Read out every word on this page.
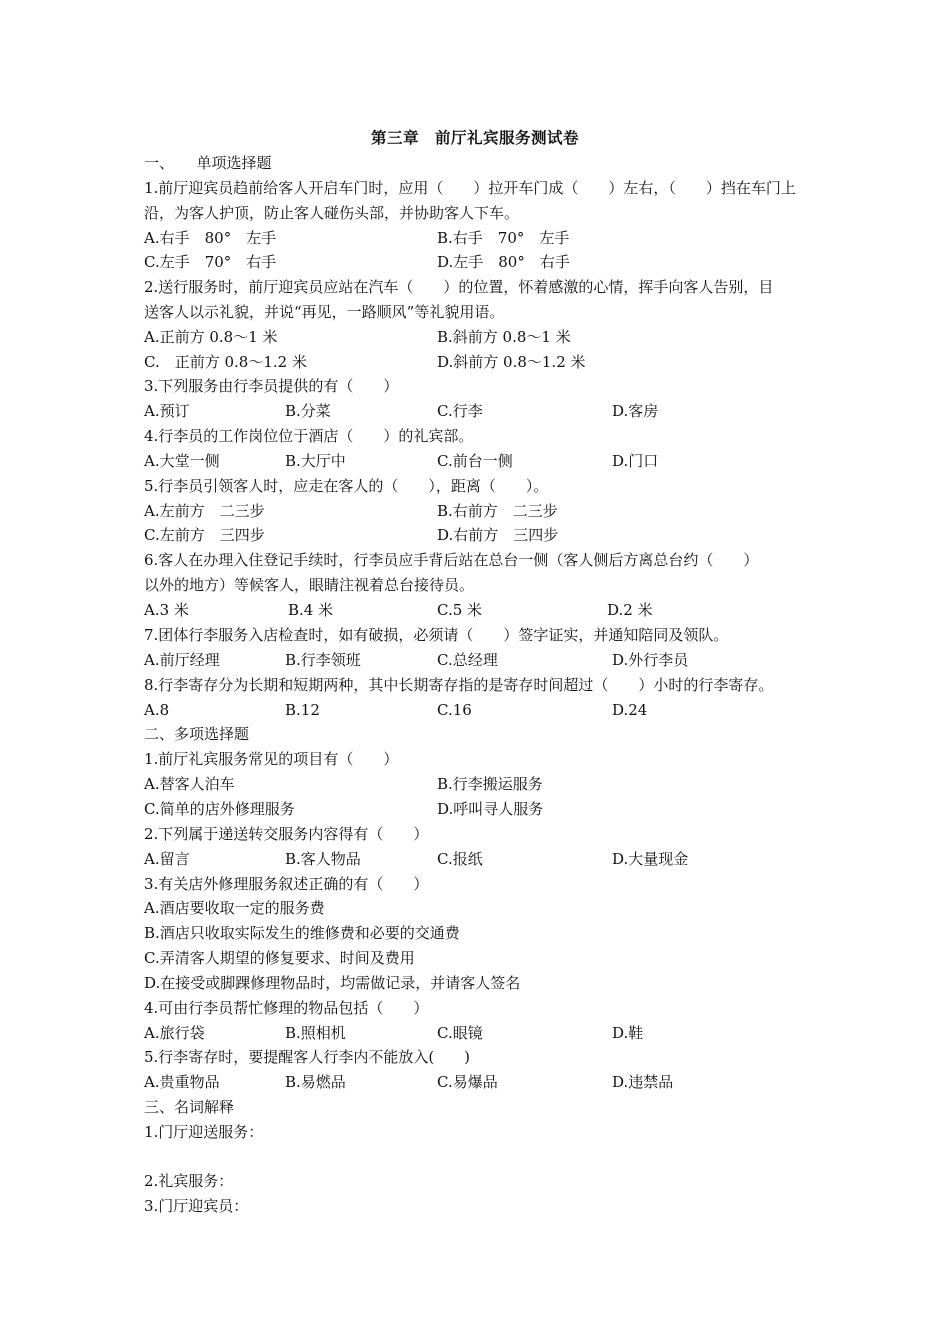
第三章　前厅礼宾服务测试卷
一、　　单项选择题
1.前厅迎宾员趋前给客人开启车门时，应用（　　）拉开车门成（　　）左右，（　　）挡在车门上
沿，为客人护顶，防止客人碰伤头部，并协助客人下车。
A.右手　80°　左手	B.右手　70°　左手
C.左手　70°　右手	D.左手　80°　右手
2.送行服务时，前厅迎宾员应站在汽车（　　）的位置，怀着感激的心情，挥手向客人告别，目
送客人以示礼貌，并说“再见，一路顺风”等礼貌用语。
A.正前方 0.8～1 米	B.斜前方 0.8～1 米
C.　正前方 0.8～1.2 米	D.斜前方 0.8～1.2 米
3.下列服务由行李员提供的有（　　）
A.预订	B.分菜	C.行李	D.客房
4.行李员的工作岗位位于酒店（　　）的礼宾部。
A.大堂一侧	B.大厅中	C.前台一侧	D.门口
5.行李员引领客人时，应走在客人的（　　），距离（　　）。
A.左前方　二三步	B.右前方　二三步
C.左前方　三四步	D.右前方　三四步
6.客人在办理入住登记手续时，行李员应手背后站在总台一侧（客人侧后方离总台约（　　）
以外的地方）等候客人，眼睛注视着总台接待员。
A.3 米	B.4 米	C.5 米	D.2 米
7.团体行李服务入店检查时，如有破损，必须请（　　）签字证实，并通知陪同及领队。
A.前厅经理	B.行李领班	C.总经理	D.外行李员
8.行李寄存分为长期和短期两种，其中长期寄存指的是寄存时间超过（　　）小时的行李寄存。
A.8	B.12	C.16	D.24
二、多项选择题
1.前厅礼宾服务常见的项目有（　　）
A.替客人泊车	B.行李搬运服务
C.简单的店外修理服务	D.呼叫寻人服务
2.下列属于递送转交服务内容得有（　　）
A.留言	B.客人物品	C.报纸	D.大量现金
3.有关店外修理服务叙述正确的有（　　）
A.酒店要收取一定的服务费
B.酒店只收取实际发生的维修费和必要的交通费
C.弄清客人期望的修复要求、时间及费用
D.在接受或脚踝修理物品时，均需做记录，并请客人签名
4.可由行李员帮忙修理的物品包括（　　）
A.旅行袋	B.照相机	C.眼镜	D.鞋
5.行李寄存时，要提醒客人行李内不能放入(　　)
A.贵重物品	B.易燃品	C.易爆品	D.违禁品
三、名词解释
1.门厅迎送服务：
2.礼宾服务：
3.门厅迎宾员：
